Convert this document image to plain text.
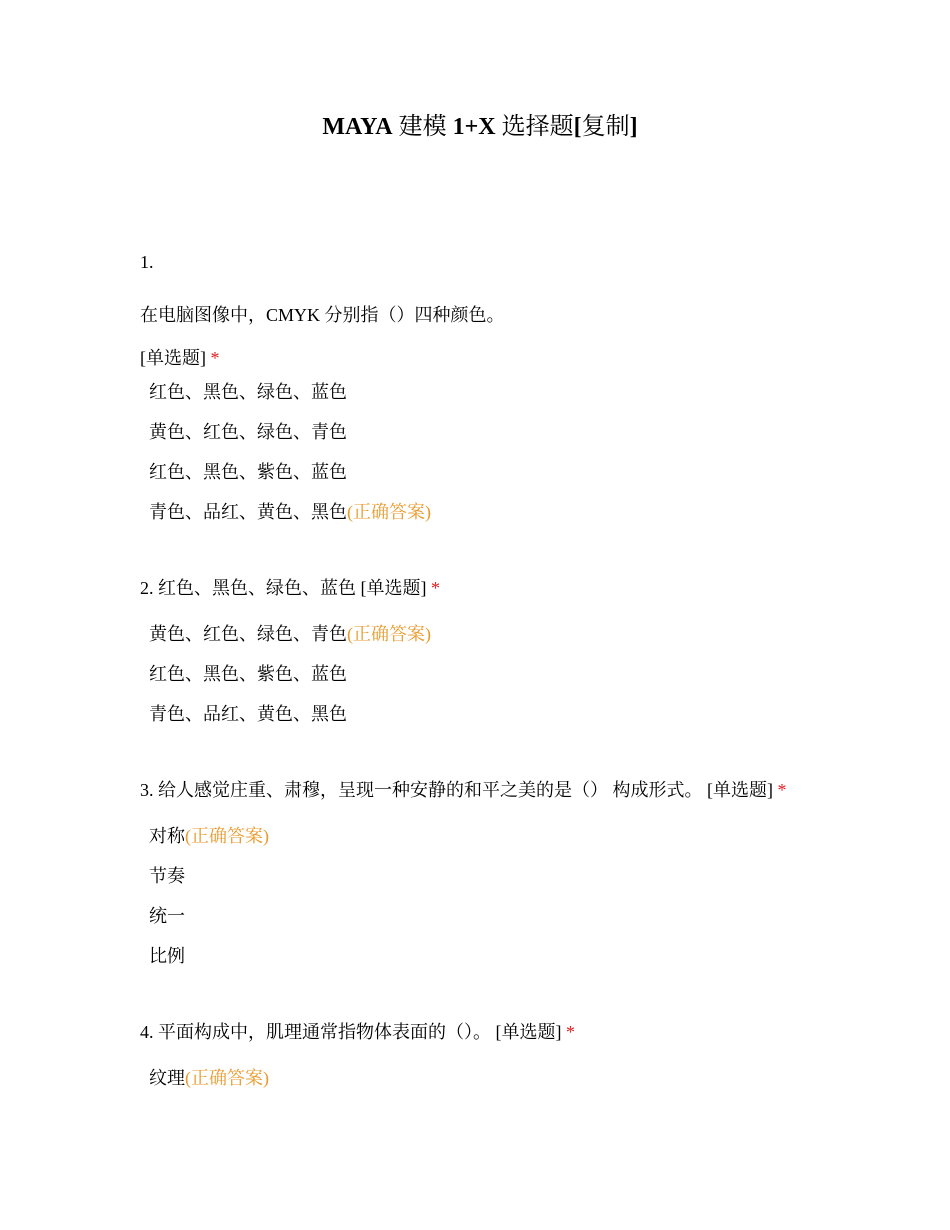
MAYA 建模 1+X 选择题[复制]
1.
在电脑图像中，CMYK 分别指（）四种颜色。
[单选题] *
红色、黑色、绿色、蓝色
黄色、红色、绿色、青色
红色、黑色、紫色、蓝色
青色、品红、黄色、黑色(正确答案)
2. 红色、黑色、绿色、蓝色 [单选题] *
黄色、红色、绿色、青色(正确答案)
红色、黑色、紫色、蓝色
青色、品红、黄色、黑色
3. 给人感觉庄重、肃穆，呈现一种安静的和平之美的是（） 构成形式。 [单选题] *
对称(正确答案)
节奏
统一
比例
4. 平面构成中，肌理通常指物体表面的（）。 [单选题] *
纹理(正确答案)
